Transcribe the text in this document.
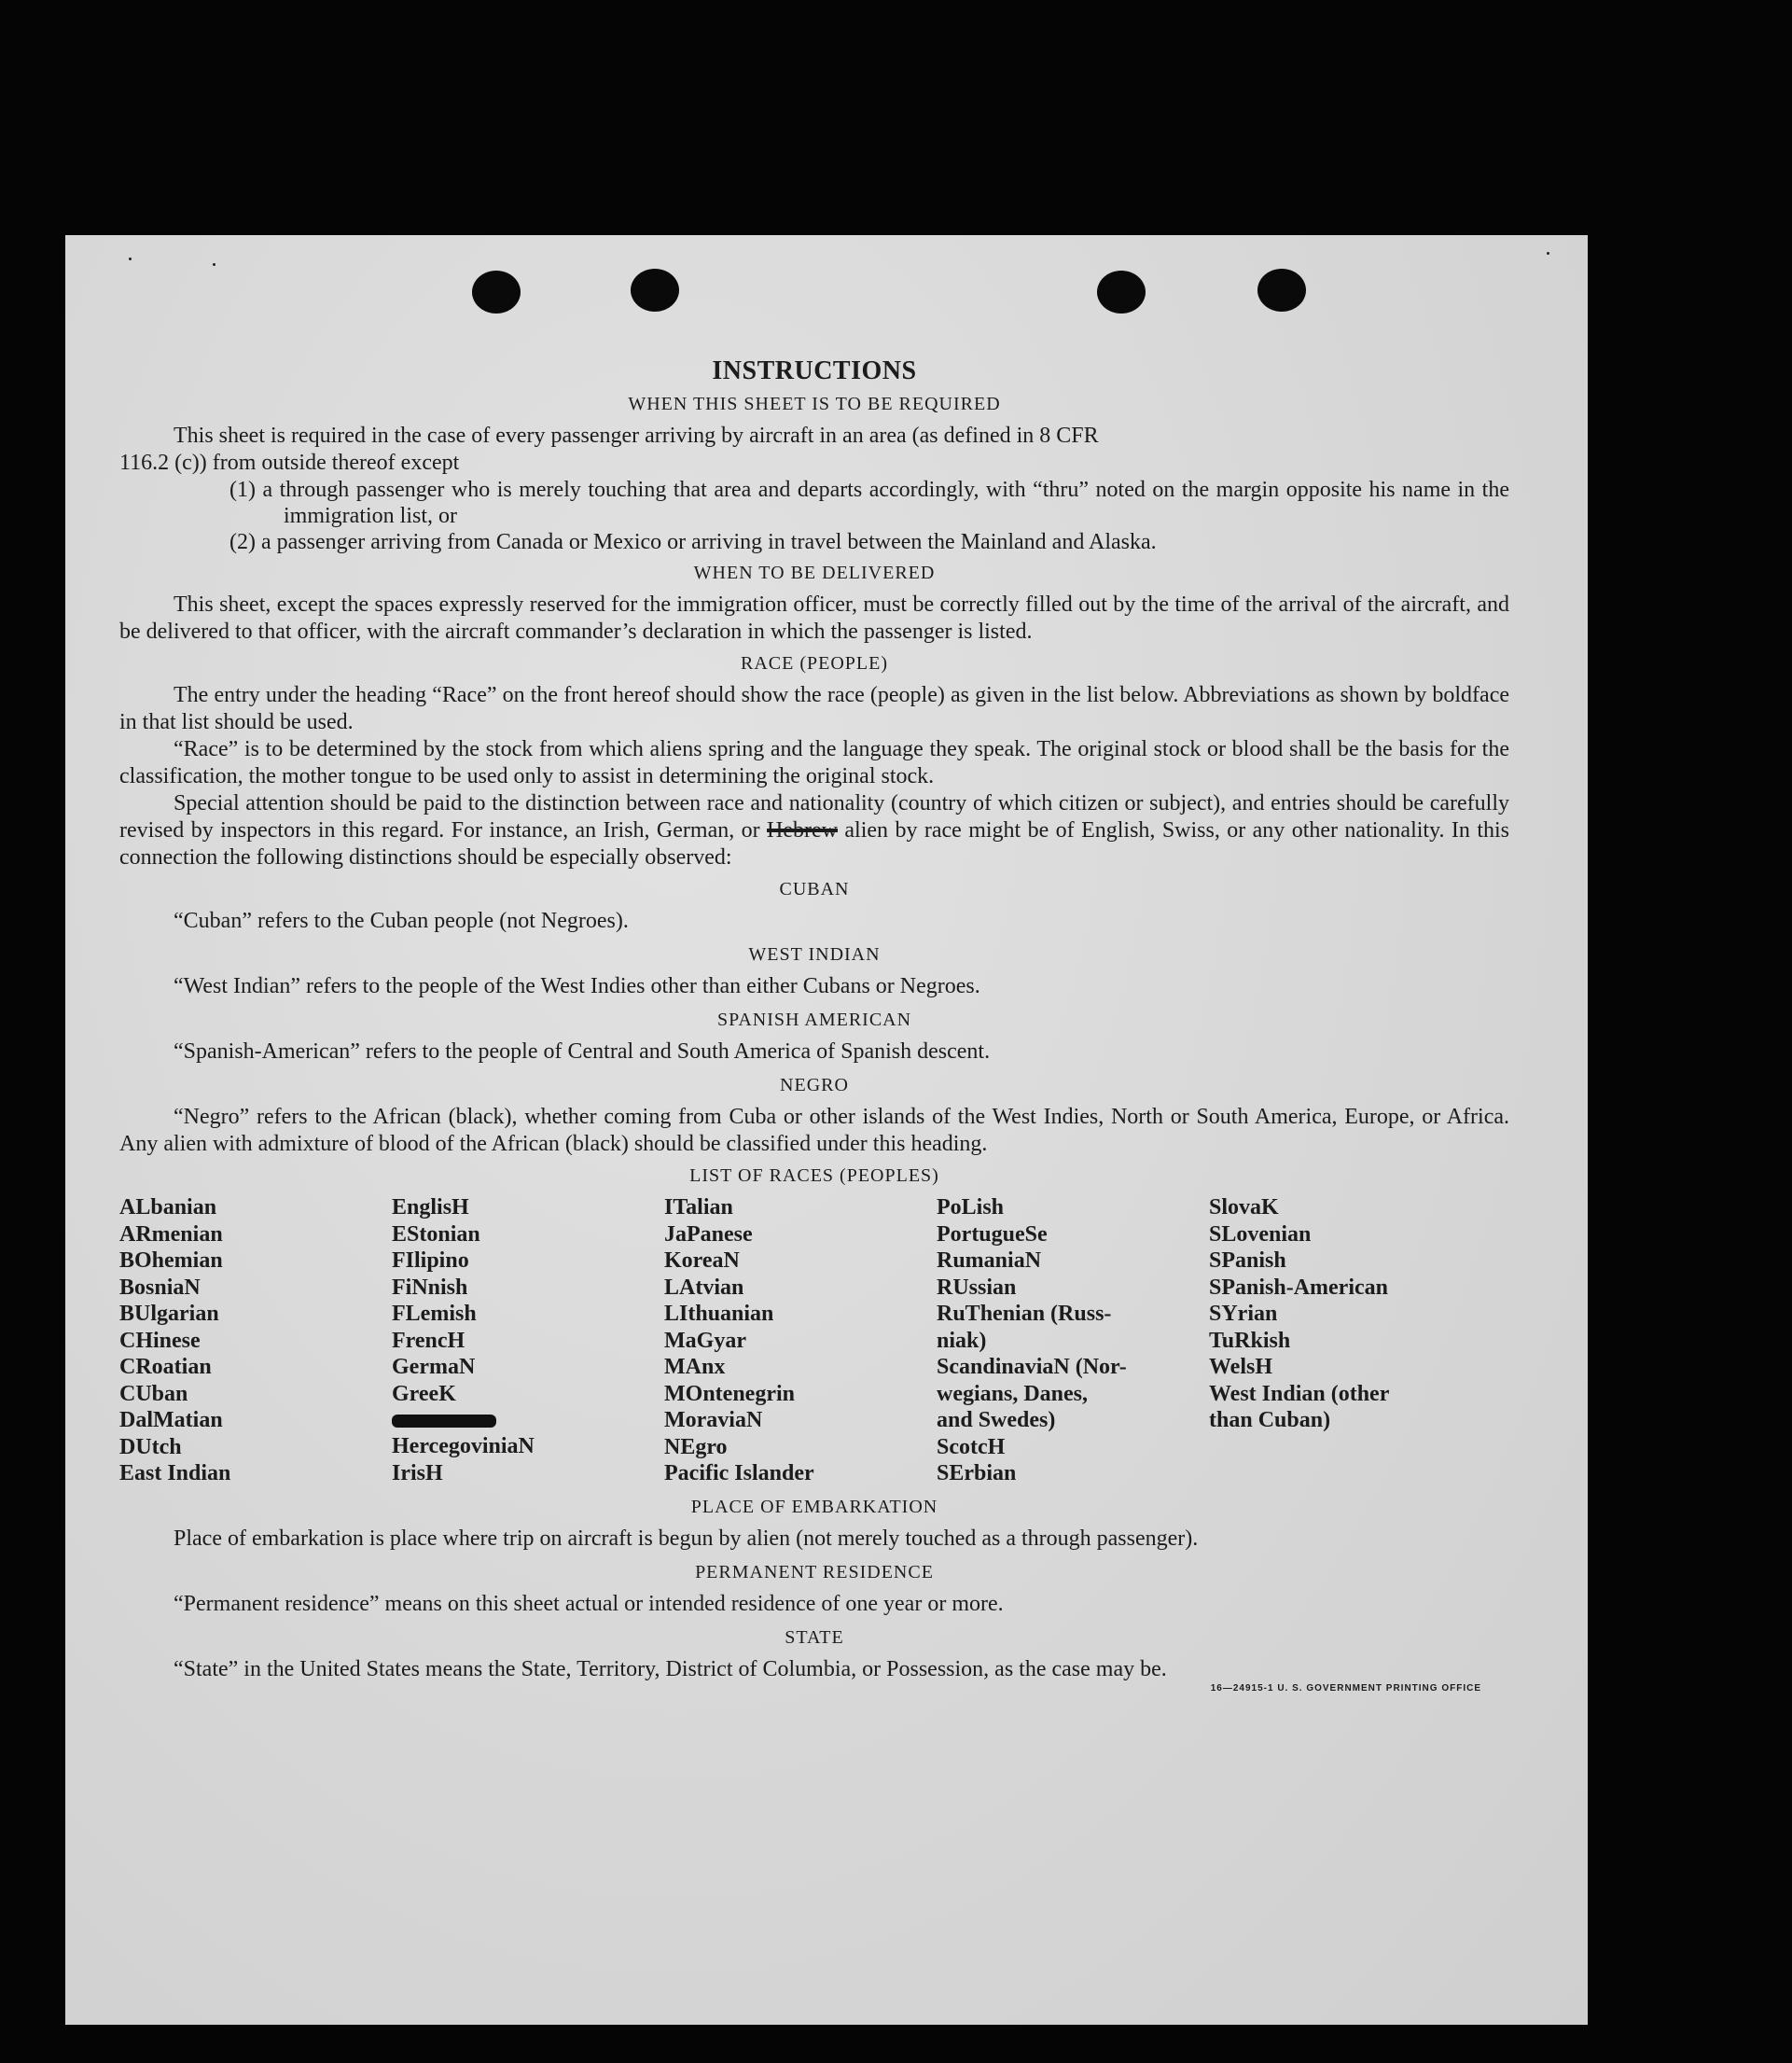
INSTRUCTIONS
WHEN THIS SHEET IS TO BE REQUIRED

This sheet is required in the case of every passenger arriving by aircraft in an area (as defined in 8 CFR

116.2 (c)) from outside thereof except

(1) a through passenger who is merely touching that area and departs accordingly, with “thru” noted on the margin opposite his name in the immigration list, or

(2) a passenger arriving from Canada or Mexico or arriving in travel between the Mainland and Alaska.

WHEN TO BE DELIVERED

This sheet, except the spaces expressly reserved for the immigration officer, must be correctly filled out by the time of the arrival of the aircraft, and be delivered to that officer, with the aircraft commander’s declaration in which the passenger is listed.

RACE (PEOPLE)

The entry under the heading “Race” on the front hereof should show the race (people) as given in the list below. Abbreviations as shown by boldface in that list should be used.

“Race” is to be determined by the stock from which aliens spring and the language they speak. The original stock or blood shall be the basis for the classification, the mother tongue to be used only to assist in determining the original stock.

Special attention should be paid to the distinction between race and nationality (country of which citizen or subject), and entries should be carefully revised by inspectors in this regard. For instance, an Irish, German, or Hebrew alien by race might be of English, Swiss, or any other nationality. In this connection the following distinctions should be especially observed:

CUBAN

“Cuban” refers to the Cuban people (not Negroes).

WEST INDIAN

“West Indian” refers to the people of the West Indies other than either Cubans or Negroes.

SPANISH AMERICAN

“Spanish-American” refers to the people of Central and South America of Spanish descent.

NEGRO

“Negro” refers to the African (black), whether coming from Cuba or other islands of the West Indies, North or South America, Europe, or Africa. Any alien with admixture of blood of the African (black) should be classified under this heading.

LIST OF RACES (PEOPLES)
ALbanian
ARmenian
BOhemian
BosniaN
BUlgarian
CHinese
CRoatian
CUban
DalMatian
DUtch
East Indian
EnglisH
EStonian
FIlipino
FiNnish
FLemish
FrencH
GermaN
GreeK
HercegoviniaN
IrisH
ITalian
JaPanese
KoreaN
LAtvian
LIthuanian
MaGyar
MAnx
MOntenegrin
MoraviaN
NEgro
Pacific Islander
PoLish
PortugueSe
RumaniaN
RUssian
RuThenian (Russ-
niak)
ScandinaviaN (Nor-
wegians, Danes,
and Swedes)
ScotcH
SErbian
SlovaK
SLovenian
SPanish
SPanish-American
SYrian
TuRkish
WelsH
West Indian (other
than Cuban)
PLACE OF EMBARKATION

Place of embarkation is place where trip on aircraft is begun by alien (not merely touched as a through passenger).

PERMANENT RESIDENCE

“Permanent residence” means on this sheet actual or intended residence of one year or more.

STATE

“State” in the United States means the State, Territory, District of Columbia, or Possession, as the case may be.

16—24915-1 U. S. GOVERNMENT PRINTING OFFICE
